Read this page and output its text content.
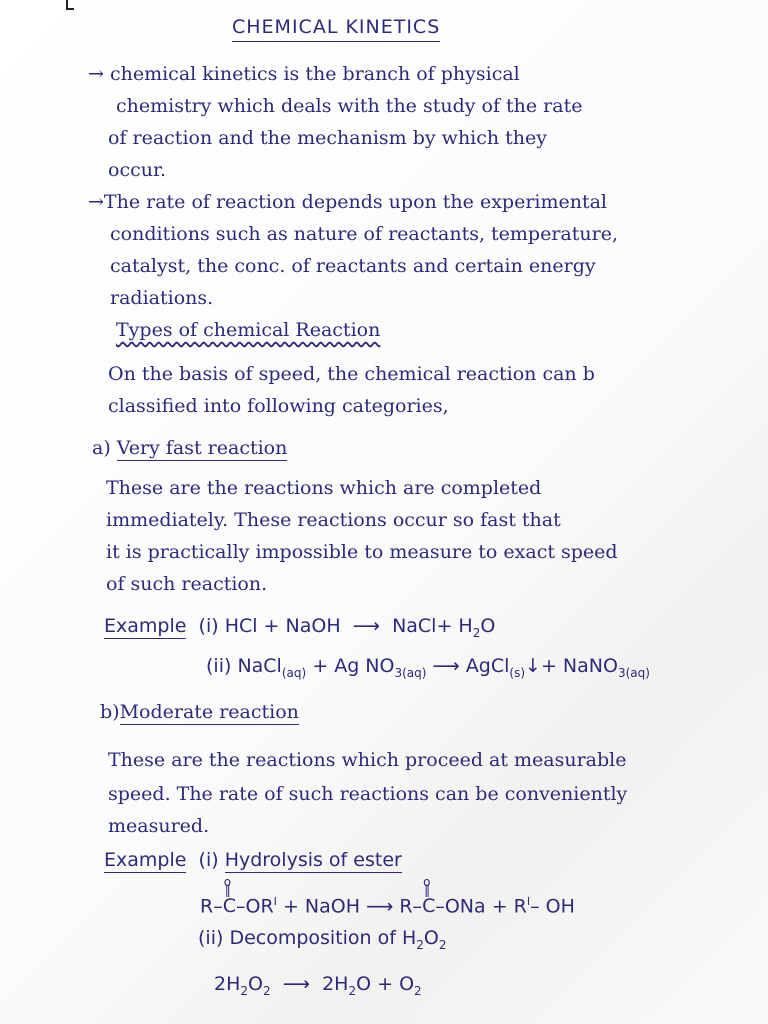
CHEMICAL KINETICS
→ chemical kinetics is the branch of physical
chemistry which deals with the study of the rate
of reaction and the mechanism by which they
occur.
→The rate of reaction depends upon the experimental
conditions such as nature of reactants, temperature,
catalyst, the conc. of reactants and certain energy
radiations.
Types of chemical Reaction
On the basis of speed, the chemical reaction can b
classified into following categories,
a) Very fast reaction
These are the reactions which are completed
immediately. These reactions occur so fast that
it is practically impossible to measure to exact speed
of such reaction.
Example (i) HCl + NaOH ⟶ NaCl+ $H_2O$
(ii) NaCl$_{(aq)}$ + Ag $NO_{3(aq)}$ ⟶ AgCl$_{(s)}$↓+ NaNO$_{3(aq)}$
b)Moderate reaction
These are the reactions which proceed at measurable
speed. The rate of such reactions can be conveniently
measured.
Example (i) Hydrolysis of ester
R–o C $‖-OR^I$ + NaOH ⟶ R–o C ‖–ONa + $R^I-$ OH
(ii) Decomposition of $H_2O_2$
$2H_2O_2$ ⟶ $2H_2O + O_2$
